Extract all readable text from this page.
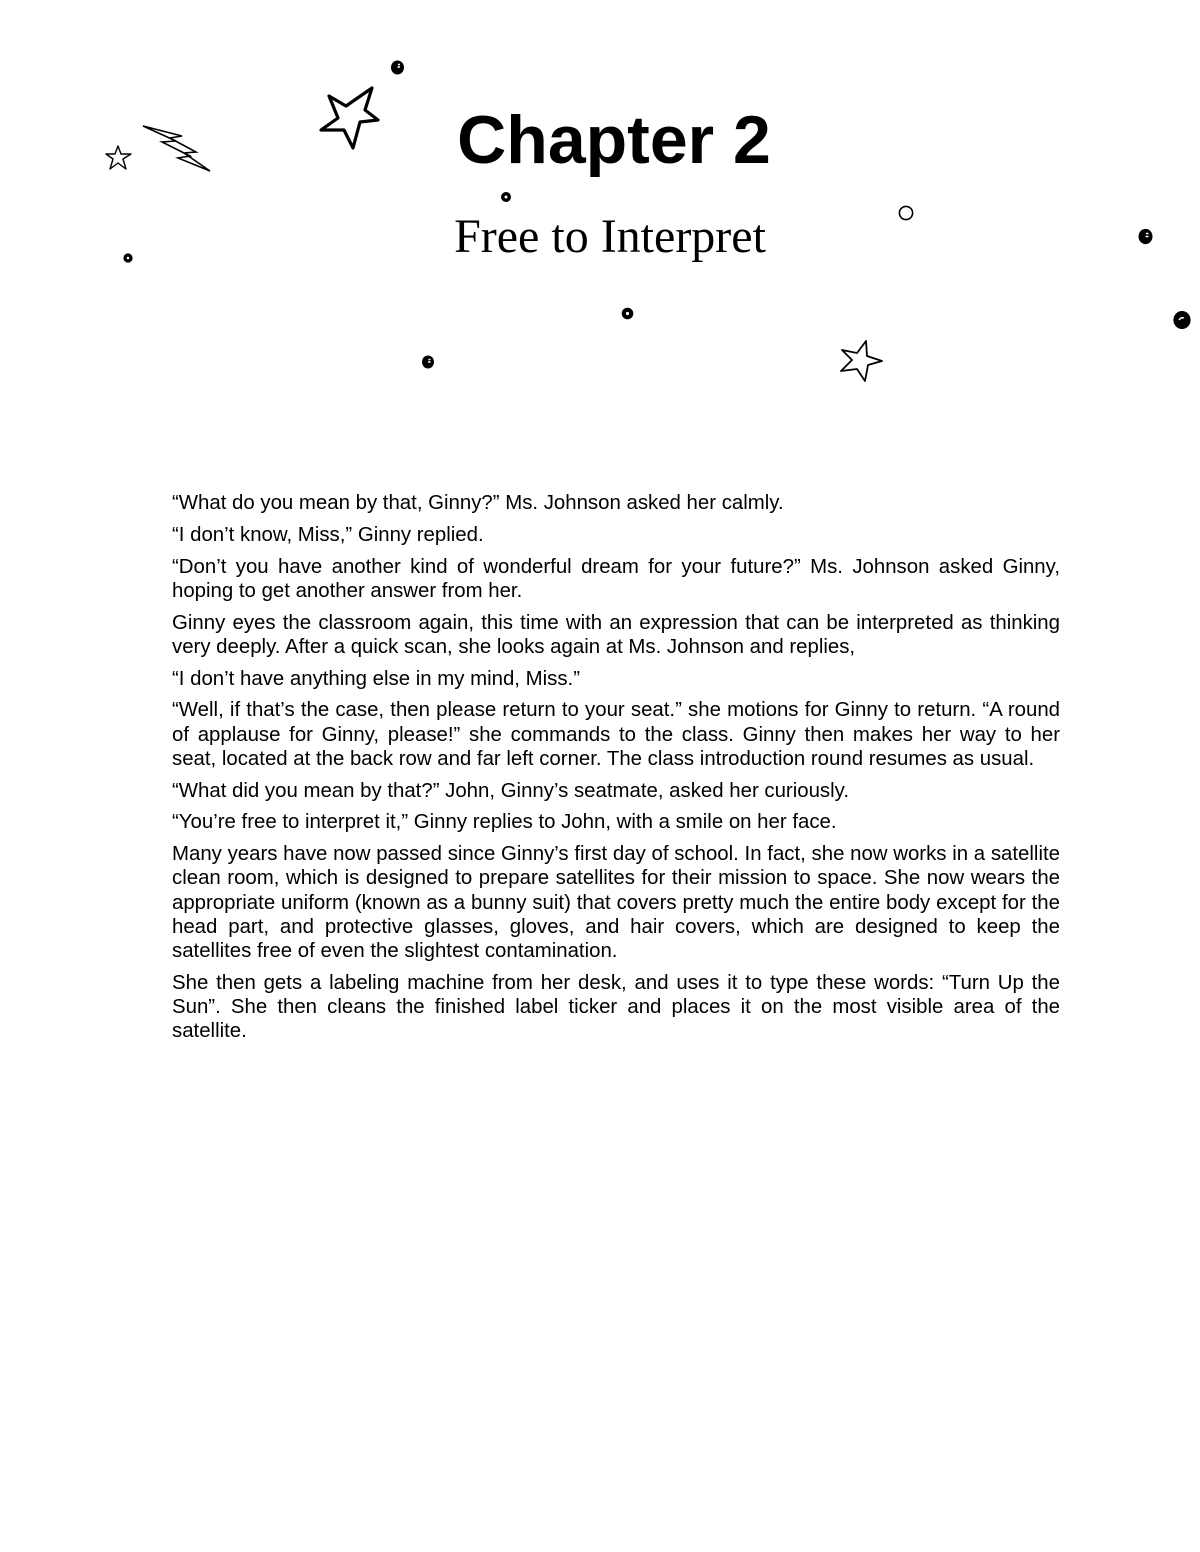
Chapter 2
Free to Interpret

“What do you mean by that, Ginny?” Ms. Johnson asked her calmly.

“I don’t know, Miss,” Ginny replied.

“Don’t you have another kind of wonderful dream for your future?” Ms. Johnson asked Ginny, hoping to get another answer from her.

Ginny eyes the classroom again, this time with an expression that can be interpreted as thinking very deeply. After a quick scan, she looks again at Ms. Johnson and replies,

“I don’t have anything else in my mind, Miss.”

“Well, if that’s the case, then please return to your seat.” she motions for Ginny to return. “A round of applause for Ginny, please!” she commands to the class. Ginny then makes her way to her seat, located at the back row and far left corner. The class introduction round resumes as usual.

“What did you mean by that?” John, Ginny’s seatmate, asked her curiously.

“You’re free to interpret it,” Ginny replies to John, with a smile on her face.

Many years have now passed since Ginny’s first day of school. In fact, she now works in a satellite clean room, which is designed to prepare satellites for their mission to space. She now wears the appropriate uniform (known as a bunny suit) that covers pretty much the entire body except for the head part, and protective glasses, gloves, and hair covers, which are designed to keep the satellites free of even the slightest contamination.

She then gets a labeling machine from her desk, and uses it to type these words: “Turn Up the Sun”. She then cleans the finished label ticker and places it on the most visible area of the satellite.
